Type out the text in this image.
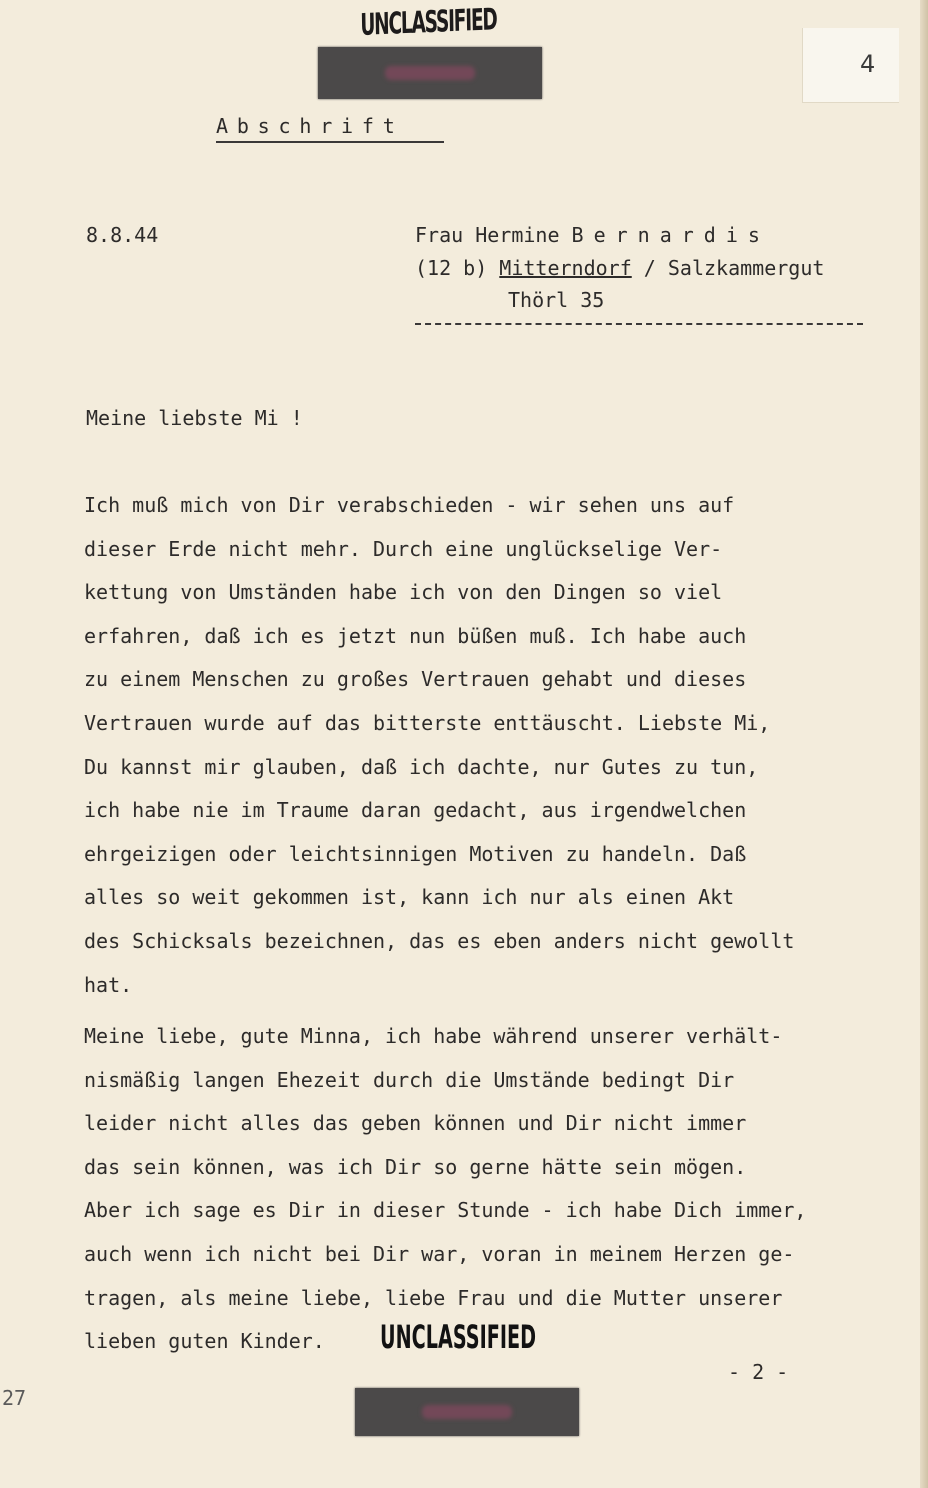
UNCLASSIFIED
4
Abschrift
8.8.44	Frau Hermine Bernardis
(12 b) Mitterndorf / Salzkammergut
Thörl 35
Meine liebste Mi !
Ich muß mich von Dir verabschieden - wir sehen uns auf
dieser Erde nicht mehr. Durch eine unglückselige Ver-
kettung von Umständen habe ich von den Dingen so viel
erfahren, daß ich es jetzt nun büßen muß. Ich habe auch
zu einem Menschen zu großes Vertrauen gehabt und dieses
Vertrauen wurde auf das bitterste enttäuscht. Liebste Mi,
Du kannst mir glauben, daß ich dachte, nur Gutes zu tun,
ich habe nie im Traume daran gedacht, aus irgendwelchen
ehrgeizigen oder leichtsinnigen Motiven zu handeln. Daß
alles so weit gekommen ist, kann ich nur als einen Akt
des Schicksals bezeichnen, das es eben anders nicht gewollt
hat.
Meine liebe, gute Minna, ich habe während unserer verhält-
nismäßig langen Ehezeit durch die Umstände bedingt Dir
leider nicht alles das geben können und Dir nicht immer
das sein können, was ich Dir so gerne hätte sein mögen.
Aber ich sage es Dir in dieser Stunde - ich habe Dich immer,
auch wenn ich nicht bei Dir war, voran in meinem Herzen ge-
tragen, als meine liebe, liebe Frau und die Mutter unserer
lieben guten Kinder. UNCLASSIFIED
- 2 -
27
